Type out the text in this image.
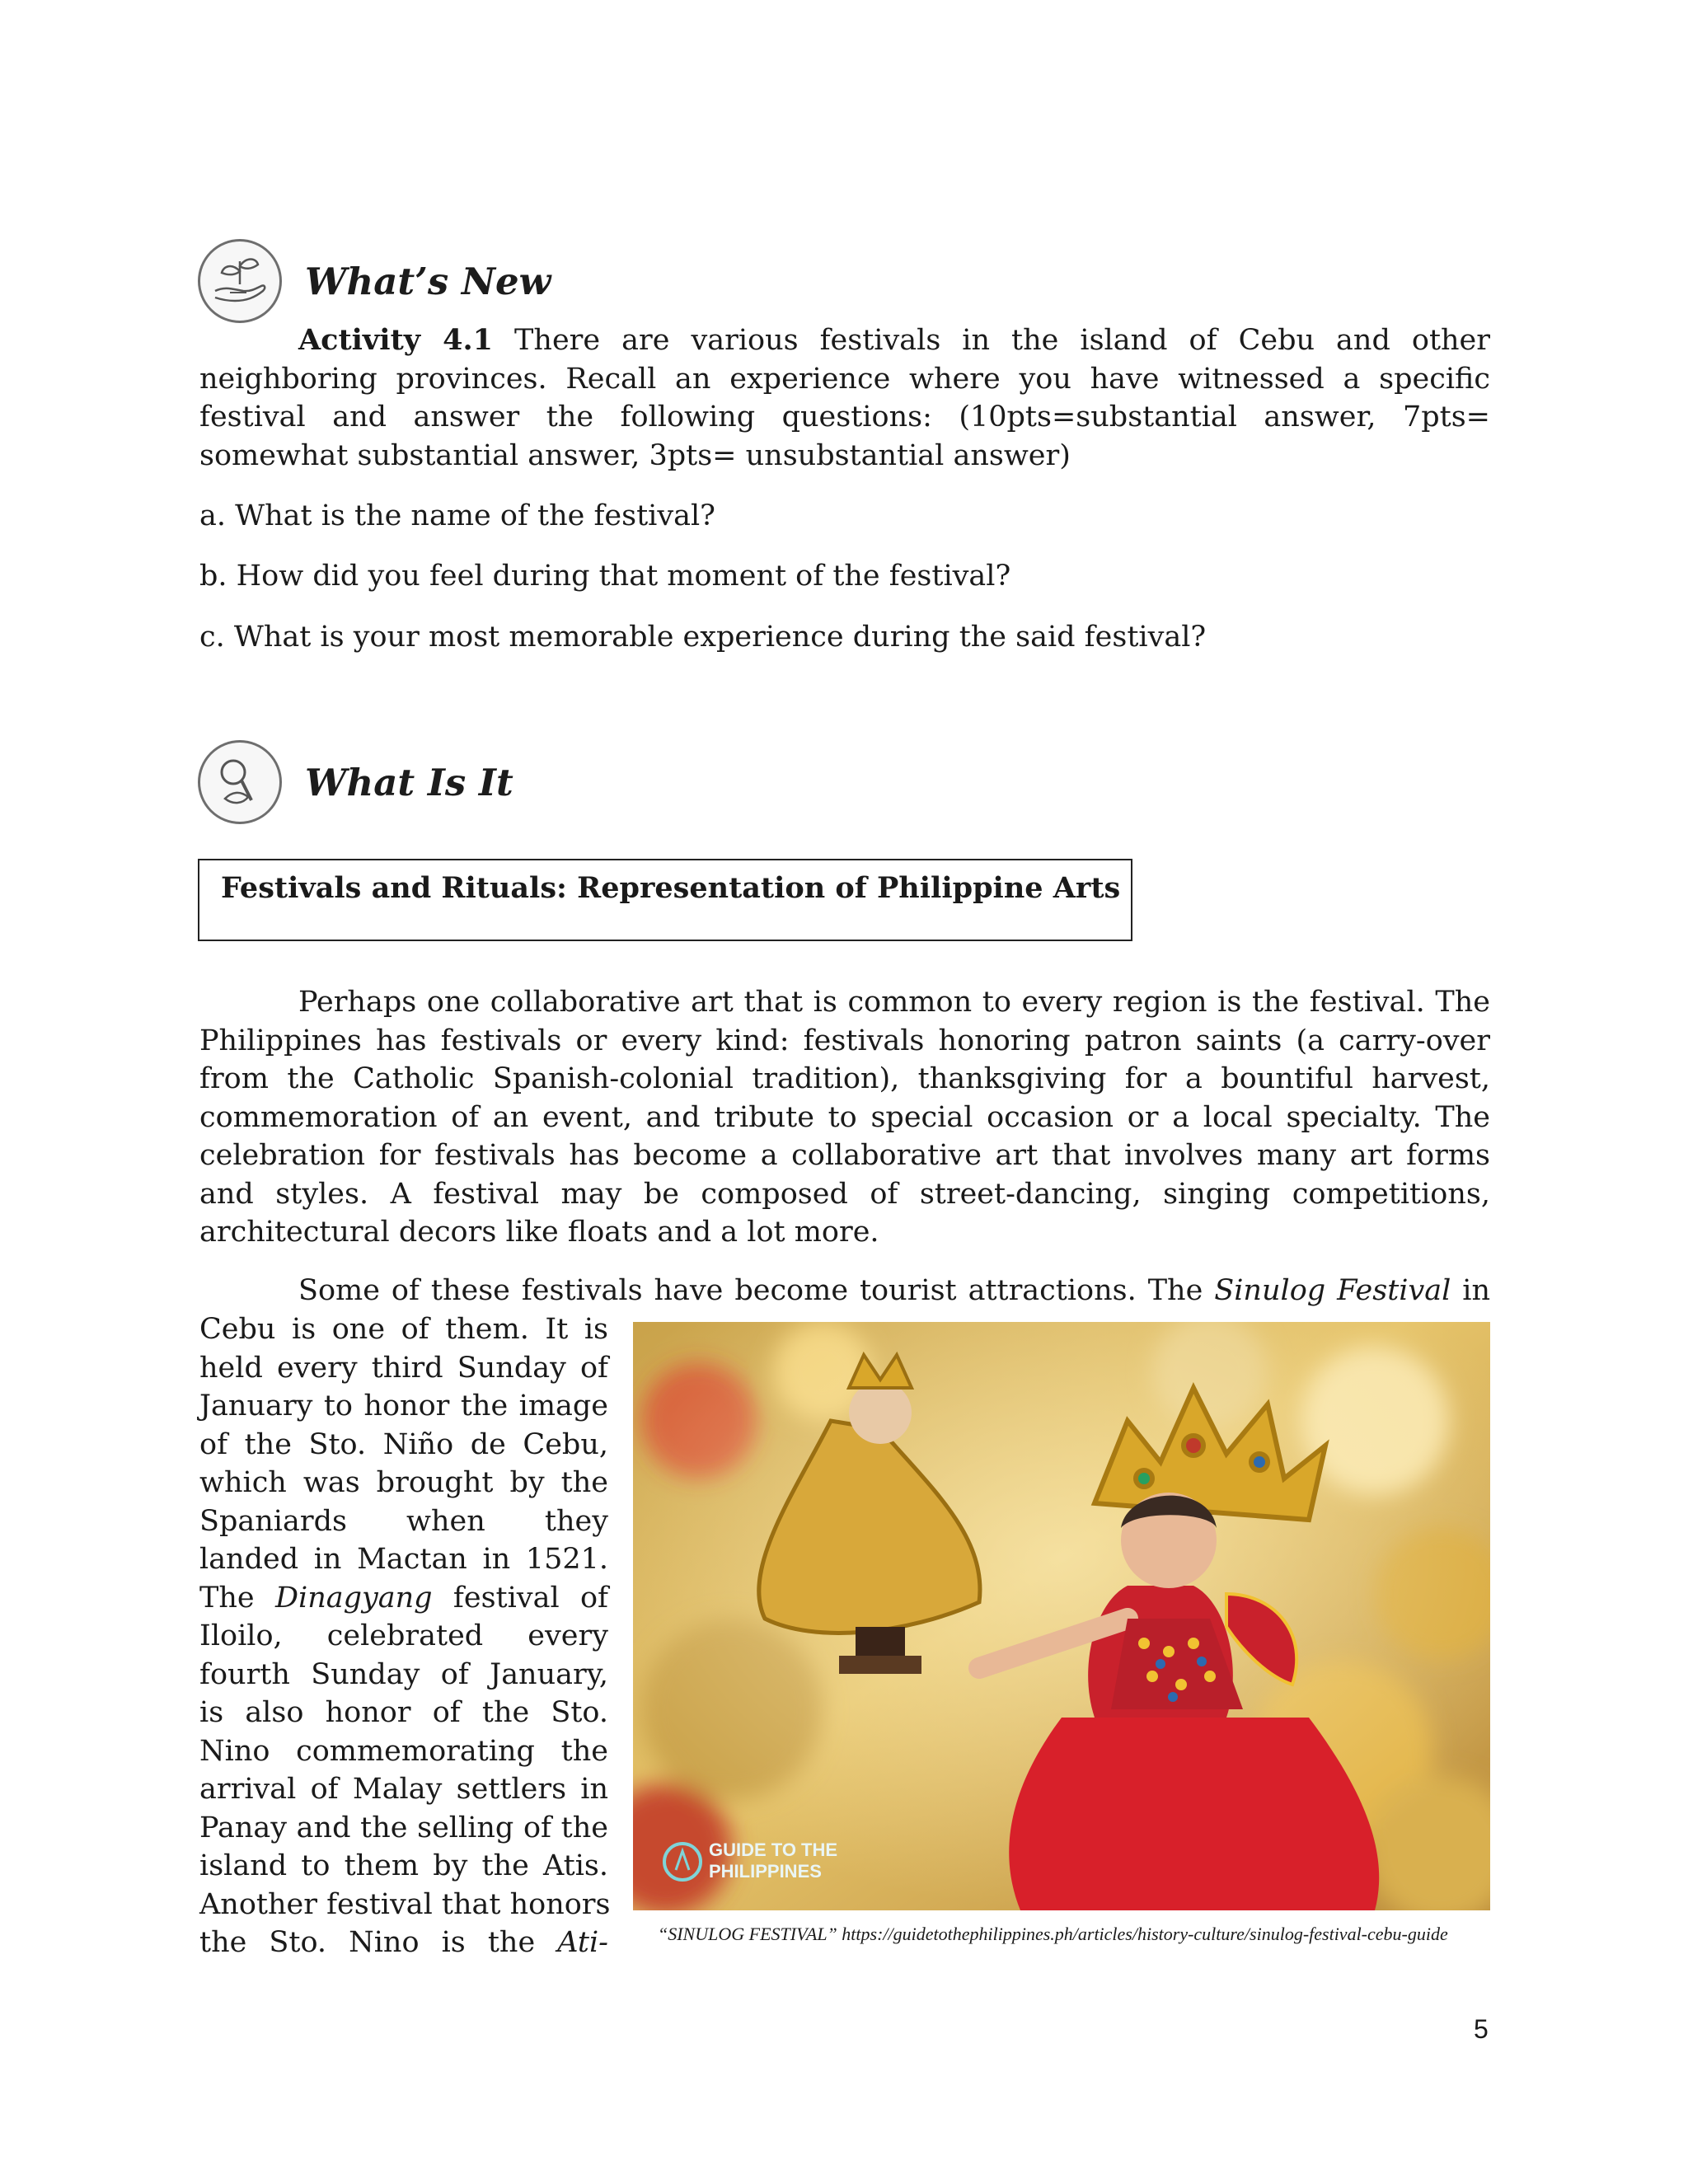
What’s New

Activity 4.1 There are various festivals in the island of Cebu and other neighboring provinces. Recall an experience where you have witnessed a specific festival and answer the following questions: (10pts=substantial answer, 7pts= somewhat substantial answer, 3pts= unsubstantial answer)

a. What is the name of the festival?

b. How did you feel during that moment of the festival?

c. What is your most memorable experience during the said festival?

What Is It
Festivals and Rituals: Representation of Philippine Arts

Perhaps one collaborative art that is common to every region is the festival. The Philippines has festivals or every kind: festivals honoring patron saints (a carry-over from the Catholic Spanish-colonial tradition), thanksgiving for a bountiful harvest, commemoration of an event, and tribute to special occasion or a local specialty. The celebration for festivals has become a collaborative art that involves many art forms and styles. A festival may be composed of street-dancing, singing competitions, architectural decors like floats and a lot more.

Some of these festivals have become tourist attractions. The Sinulog Festival in

Cebu is one of them. It is
held every third Sunday of
January to honor the image
of the Sto. Niño de Cebu,
which was brought by the
Spaniards when they
landed in Mactan in 1521.
The Dinagyang festival of
Iloilo, celebrated every
fourth Sunday of January,
is also honor of the Sto.
Nino commemorating the
arrival of Malay settlers in
Panay and the selling of the
island to them by the Atis.
Another festival that honors
the Sto. Nino is the Ati-
GUIDE TO THE
PHILIPPINES

“SINULOG FESTIVAL” https://guidetothephilippines.ph/articles/history-culture/sinulog-festival-cebu-guide

5
